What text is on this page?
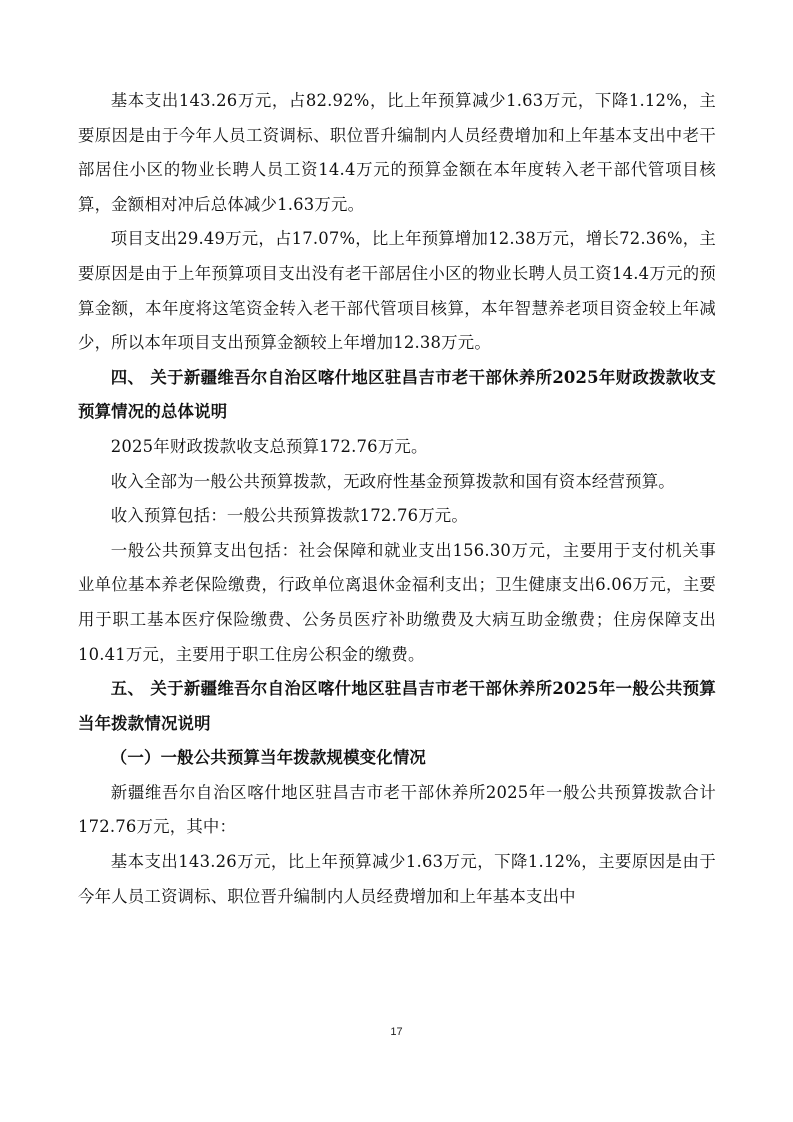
基本支出143.26万元，占82.92%，比上年预算减少1.63万元，下降1.12%，主要原因是由于今年人员工资调标、职位晋升编制内人员经费增加和上年基本支出中老干部居住小区的物业长聘人员工资14.4万元的预算金额在本年度转入老干部代管项目核算，金额相对冲后总体减少1.63万元。

项目支出29.49万元，占17.07%，比上年预算增加12.38万元，增长72.36%，主要原因是由于上年预算项目支出没有老干部居住小区的物业长聘人员工资14.4万元的预算金额，本年度将这笔资金转入老干部代管项目核算，本年智慧养老项目资金较上年减少，所以本年项目支出预算金额较上年增加12.38万元。

四、 关于新疆维吾尔自治区喀什地区驻昌吉市老干部休养所2025年财政拨款收支预算情况的总体说明

2025年财政拨款收支总预算172.76万元。

收入全部为一般公共预算拨款，无政府性基金预算拨款和国有资本经营预算。

收入预算包括：一般公共预算拨款172.76万元。

一般公共预算支出包括：社会保障和就业支出156.30万元，主要用于支付机关事业单位基本养老保险缴费，行政单位离退休金福利支出；卫生健康支出6.06万元，主要用于职工基本医疗保险缴费、公务员医疗补助缴费及大病互助金缴费；住房保障支出10.41万元，主要用于职工住房公积金的缴费。

五、 关于新疆维吾尔自治区喀什地区驻昌吉市老干部休养所2025年一般公共预算当年拨款情况说明

（一）一般公共预算当年拨款规模变化情况

新疆维吾尔自治区喀什地区驻昌吉市老干部休养所2025年一般公共预算拨款合计172.76万元，其中：

基本支出143.26万元，比上年预算减少1.63万元，下降1.12%，主要原因是由于今年人员工资调标、职位晋升编制内人员经费增加和上年基本支出中

17
